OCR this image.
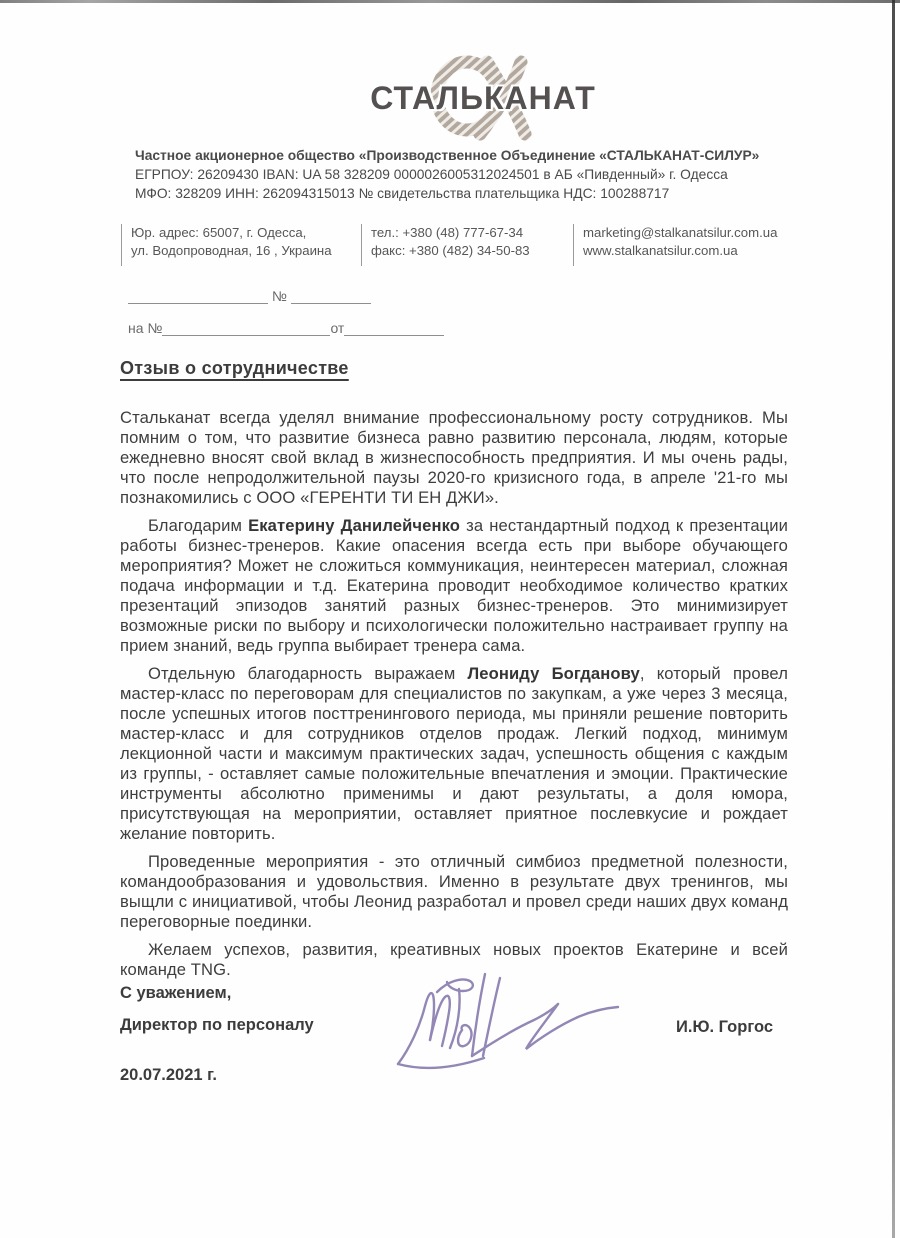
СТАЛЬКАНАТ
Частное акционерное общество «Производственное Объединение «СТАЛЬКАНАТ-СИЛУР»
ЕГРПОУ: 26209430 IBAN: UA 58 328209 0000026005312024501 в АБ «Пивденный» г. Одесса
МФО: 328209 ИНН: 262094315013 № свидетельства плательщика НДС: 100288717
Юр. адрес: 65007, г. Одесса,
ул. Водопроводная, 16 , Украина
тел.: +380 (48) 777-67-34
факс: +380 (482) 34-50-83
marketing@stalkanatsilur.com.ua
www.stalkanatsilur.com.ua
№
на №	от
Отзыв о сотрудничестве

Стальканат всегда уделял внимание профессиональному росту сотрудников. Мы помним о том, что развитие бизнеса равно развитию персонала, людям, которые ежедневно вносят свой вклад в жизнеспособность предприятия. И мы очень рады, что после непродолжительной паузы 2020-го кризисного года, в апреле '21-го мы познакомились с ООО «ГЕРЕНТИ ТИ ЕН ДЖИ».

Благодарим Екатерину Данилейченко за нестандартный подход к презентации работы бизнес-тренеров. Какие опасения всегда есть при выборе обучающего мероприятия? Может не сложиться коммуникация, неинтересен материал, сложная подача информации и т.д. Екатерина проводит необходимое количество кратких презентаций эпизодов занятий разных бизнес-тренеров. Это минимизирует возможные риски по выбору и психологически положительно настраивает группу на прием знаний, ведь группа выбирает тренера сама.

Отдельную благодарность выражаем Леониду Богданову, который провел мастер-класс по переговорам для специалистов по закупкам, а уже через 3 месяца, после успешных итогов посттренингового периода, мы приняли решение повторить мастер-класс и для сотрудников отделов продаж. Легкий подход, минимум лекционной части и максимум практических задач, успешность общения с каждым из группы, - оставляет самые положительные впечатления и эмоции. Практические инструменты абсолютно применимы и дают результаты, а доля юмора, присутствующая на мероприятии, оставляет приятное послевкусие и рождает желание повторить.

Проведенные мероприятия - это отличный симбиоз предметной полезности, командообразования и удовольствия. Именно в результате двух тренингов, мы выщли с инициативой, чтобы Леонид разработал и провел среди наших двух команд переговорные поединки.

Желаем успехов, развития, креативных новых проектов Екатерине и всей команде TNG.

С уважением,
Директор по персоналу	И.Ю. Горгос
20.07.2021 г.
